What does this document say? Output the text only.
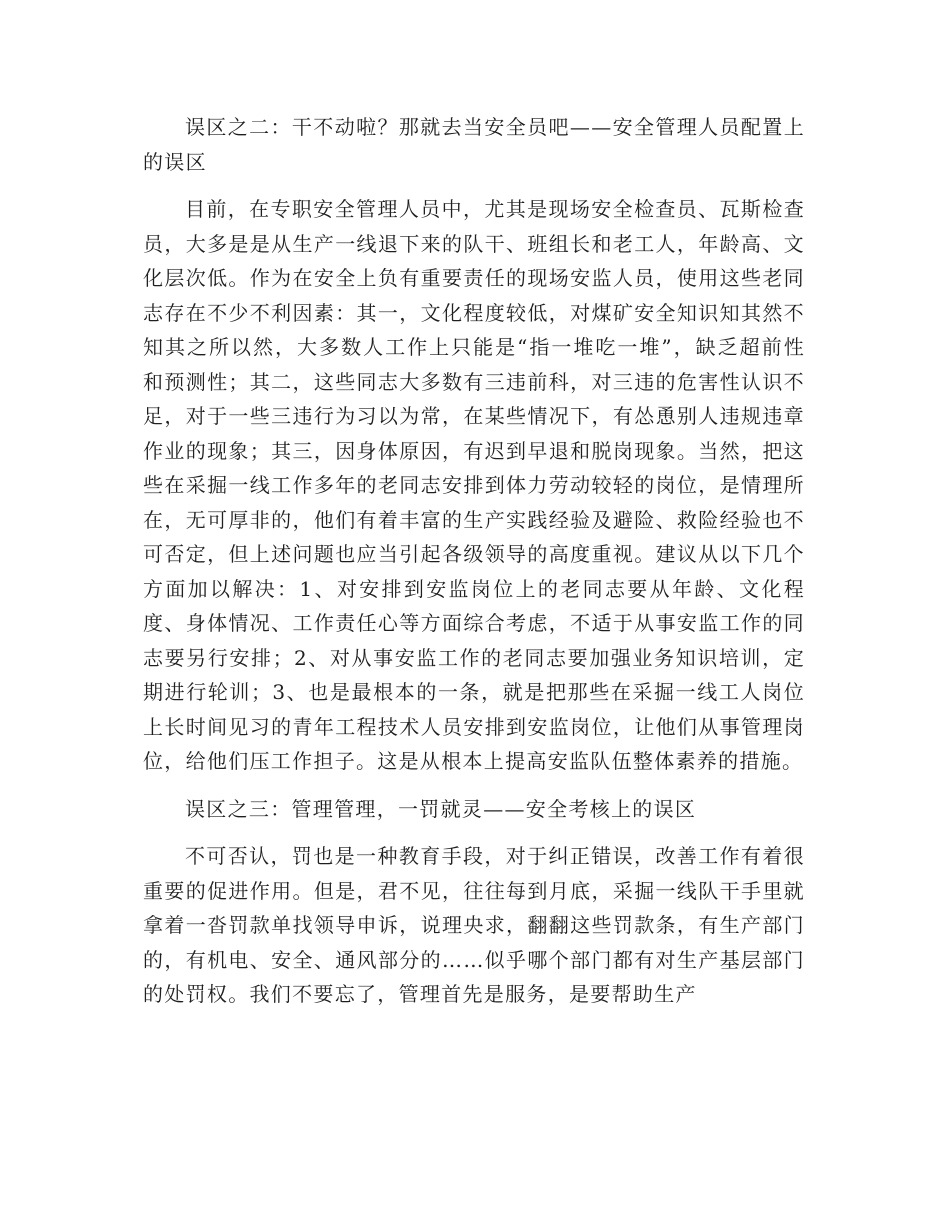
误区之二：干不动啦？那就去当安全员吧——安全管理人员配置上的误区

目前，在专职安全管理人员中，尤其是现场安全检查员、瓦斯检查员，大多是是从生产一线退下来的队干、班组长和老工人，年龄高、文化层次低。作为在安全上负有重要责任的现场安监人员，使用这些老同志存在不少不利因素：其一，文化程度较低，对煤矿安全知识知其然不知其之所以然，大多数人工作上只能是“指一堆吃一堆”，缺乏超前性和预测性；其二，这些同志大多数有三违前科，对三违的危害性认识不足，对于一些三违行为习以为常，在某些情况下，有怂恿别人违规违章作业的现象；其三，因身体原因，有迟到早退和脱岗现象。当然，把这些在采掘一线工作多年的老同志安排到体力劳动较轻的岗位，是情理所在，无可厚非的，他们有着丰富的生产实践经验及避险、救险经验也不可否定，但上述问题也应当引起各级领导的高度重视。建议从以下几个方面加以解决：1、对安排到安监岗位上的老同志要从年龄、文化程度、身体情况、工作责任心等方面综合考虑，不适于从事安监工作的同志要另行安排；2、对从事安监工作的老同志要加强业务知识培训，定期进行轮训；3、也是最根本的一条，就是把那些在采掘一线工人岗位上长时间见习的青年工程技术人员安排到安监岗位，让他们从事管理岗位，给他们压工作担子。这是从根本上提高安监队伍整体素养的措施。

误区之三：管理管理，一罚就灵——安全考核上的误区

不可否认，罚也是一种教育手段，对于纠正错误，改善工作有着很重要的促进作用。但是，君不见，往往每到月底，采掘一线队干手里就拿着一沓罚款单找领导申诉，说理央求，翻翻这些罚款条，有生产部门的，有机电、安全、通风部分的……似乎哪个部门都有对生产基层部门的处罚权。我们不要忘了，管理首先是服务，是要帮助生产
